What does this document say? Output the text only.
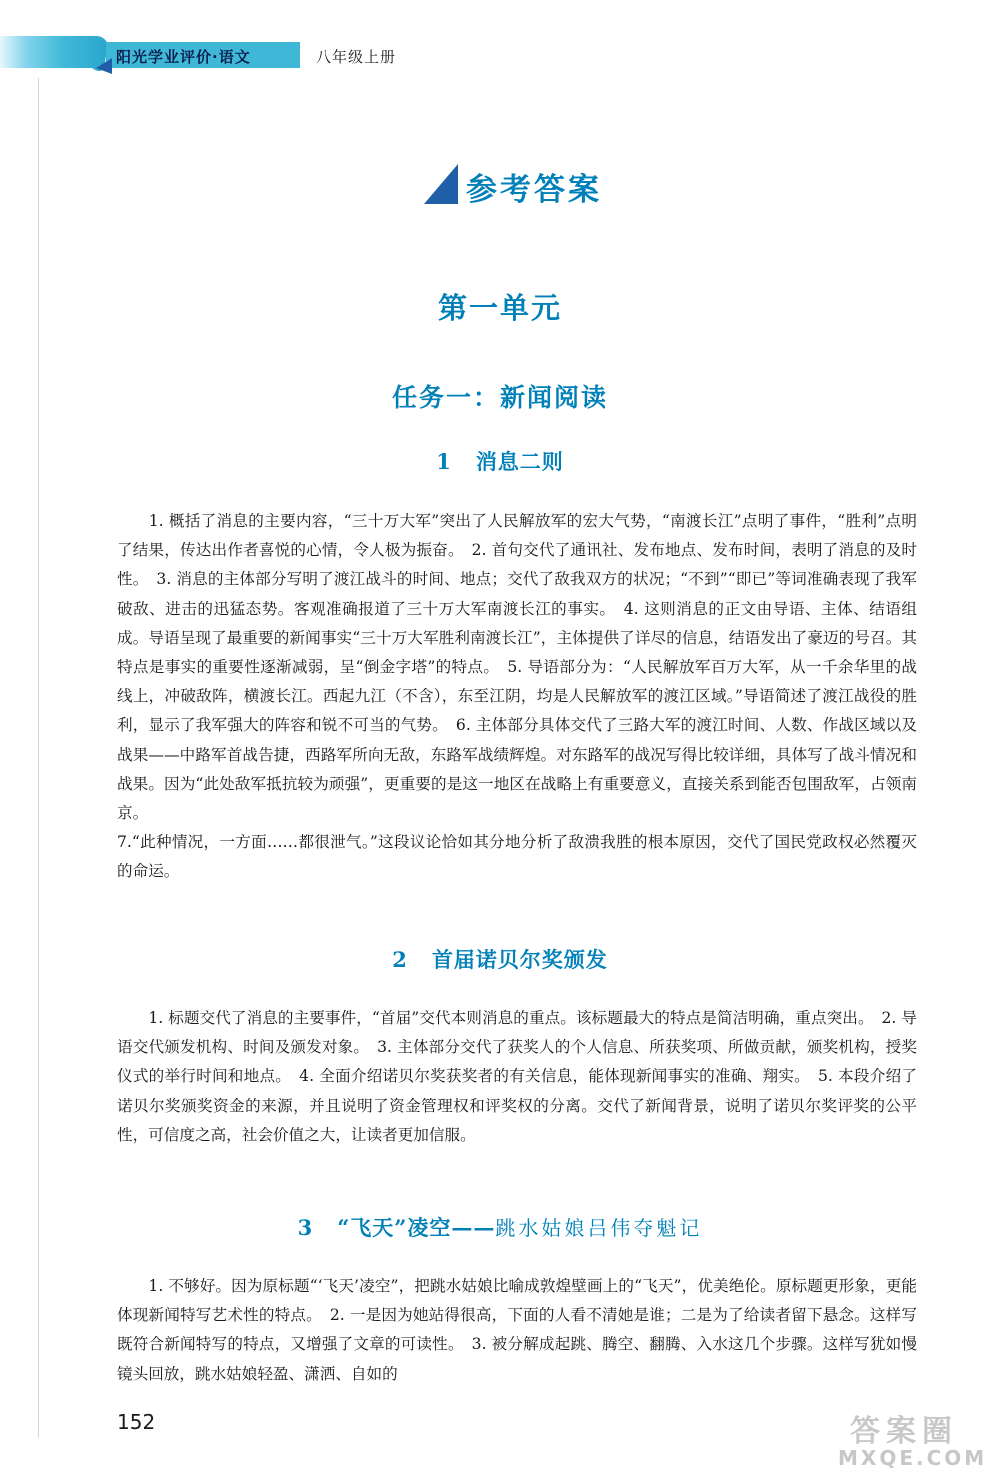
阳光学业评价·语文	八年级上册
参考答案
第一单元
任务一：新闻阅读
1 消息二则
　　1. 概括了消息的主要内容，“三十万大军”突出了人民解放军的宏大气势，“南渡长江”点明了事件，“胜利”点明了结果，传达出作者喜悦的心情，令人极为振奋。　2. 首句交代了通讯社、发布地点、发布时间，表明了消息的及时性。　3. 消息的主体部分写明了渡江战斗的时间、地点；交代了敌我双方的状况；“不到”“即已”等词准确表现了我军破敌、进击的迅猛态势。客观准确报道了三十万大军南渡长江的事实。　4. 这则消息的正文由导语、主体、结语组成。导语呈现了最重要的新闻事实“三十万大军胜利南渡长江”，主体提供了详尽的信息，结语发出了豪迈的号召。其特点是事实的重要性逐渐减弱，呈“倒金字塔”的特点。　5. 导语部分为：“人民解放军百万大军，从一千余华里的战线上，冲破敌阵，横渡长江。西起九江（不含），东至江阴，均是人民解放军的渡江区域。”导语简述了渡江战役的胜利，显示了我军强大的阵容和锐不可当的气势。　6. 主体部分具体交代了三路大军的渡江时间、人数、作战区域以及战果——中路军首战告捷，西路军所向无敌，东路军战绩辉煌。对东路军的战况写得比较详细，具体写了战斗情况和战果。因为“此处敌军抵抗较为顽强”，更重要的是这一地区在战略上有重要意义，直接关系到能否包围敌军，占领南京。
7.“此种情况，一方面……都很泄气。”这段议论恰如其分地分析了敌溃我胜的根本原因，交代了国民党政权必然覆灭的命运。
2 首届诺贝尔奖颁发
　　1. 标题交代了消息的主要事件，“首届”交代本则消息的重点。该标题最大的特点是简洁明确，重点突出。　2. 导语交代颁发机构、时间及颁发对象。　3. 主体部分交代了获奖人的个人信息、所获奖项、所做贡献，颁奖机构，授奖仪式的举行时间和地点。　4. 全面介绍诺贝尔奖获奖者的有关信息，能体现新闻事实的准确、翔实。　5. 本段介绍了诺贝尔奖颁奖资金的来源，并且说明了资金管理权和评奖权的分离。交代了新闻背景，说明了诺贝尔奖评奖的公平性，可信度之高，社会价值之大，让读者更加信服。
3 “飞天”凌空——跳水姑娘吕伟夺魁记
　　1. 不够好。因为原标题“‘飞天’凌空”，把跳水姑娘比喻成敦煌壁画上的“飞天”，优美绝伦。原标题更形象，更能体现新闻特写艺术性的特点。　2. 一是因为她站得很高，下面的人看不清她是谁；二是为了给读者留下悬念。这样写既符合新闻特写的特点，又增强了文章的可读性。　3. 被分解成起跳、腾空、翻腾、入水这几个步骤。这样写犹如慢镜头回放，跳水姑娘轻盈、潇洒、自如的
152	答案圈
MXQE.COM
